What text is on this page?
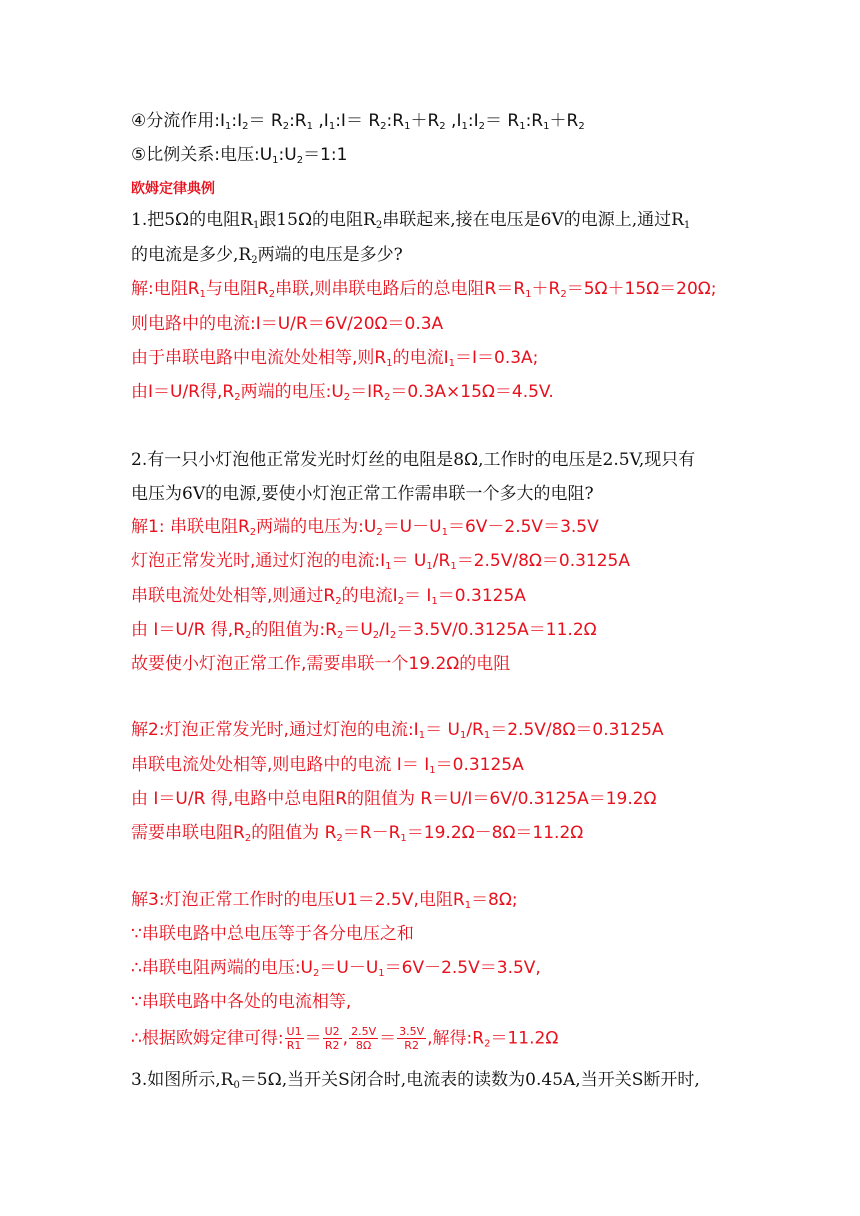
④分流作用$:I_1:I_2=$ $R_2:R_1$ $,I_1:I=$ $R_2:R_1+R_2$ $,I_1:I_2=$ $R_1:R_1+R_2$
⑤比例关系:电压$:U_1:U_2=1:1$
欧姆定律典例
1.把5Ω的电阻$R_1$跟15Ω的电阻$R_2$串联起来,接在电压是6V的电源上,通过$R_1$
的电流是多少$,R_2$两端的电压是多少?
解:电阻$R_1$与电阻$R_2$串联,则串联电路后的总电阻$R=R_1+R_2=5\Omega+15\Omega=20\Omega$;
则电路中的电流:I＝U/R＝6V/20Ω＝0.3A
由于串联电路中电流处处相等,则$R_1$的电流$I_1=I=0.3A$;
由I＝U/R得$,R_2$两端的电压$:U_2=IR_2=0.3A\times 15\Omega=4.5V$.
2.有一只小灯泡他正常发光时灯丝的电阻是8Ω,工作时的电压是2.5V,现只有
电压为6V的电源,要使小灯泡正常工作需串联一个多大的电阻?
解1: 串联电阻$R_2$两端的电压为$:U_2=U-U_1=6V-2.5V=3.5V$
灯泡正常发光时,通过灯泡的电流$:I_1= U_1/R_1=2.5V/8\Omega=0.3125A$
串联电流处处相等,则通过$R_2$的电流$I_2= I_1=0.3125A$
由 I＝U/R 得$,R_2$的阻值为$:R_2=U_2/I_2=3.5V/0.3125A=11.2\Omega$
故要使小灯泡正常工作,需要串联一个19.2Ω的电阻
解2:灯泡正常发光时,通过灯泡的电流$:I_1= U_1/R_1=2.5V/8\Omega=0.3125A$
串联电流处处相等,则电路中的电流 $I= I_1=0.3125A$
由 I＝U/R 得,电路中总电阻R的阻值为 R＝U/I＝6V/0.3125A＝19.2Ω
需要串联电阻$R_2$的阻值为 $R_2=R-R_1=19.2\Omega-8\Omega=11.2\Omega$
解3:灯泡正常工作时的电压U1＝2.5V,电阻$R_1=8\Omega$;
∵串联电路中总电压等于各分电压之和
∴串联电阻两端的电压$:U_2=U-U_1=6V-2.5V=3.5V$,
∵串联电路中各处的电流相等,
∴根据欧姆定律可得: $\frac{U1}{R1} = \frac{U2}{R2}$ , $\frac{2.5V}{8\Omega} = \frac{3.5V}{R2}$ ,解得$:R_2=11.2\Omega$
3.如图所示$,R_0=5\Omega$,当开关S闭合时,电流表的读数为0.45A,当开关S断开时,
